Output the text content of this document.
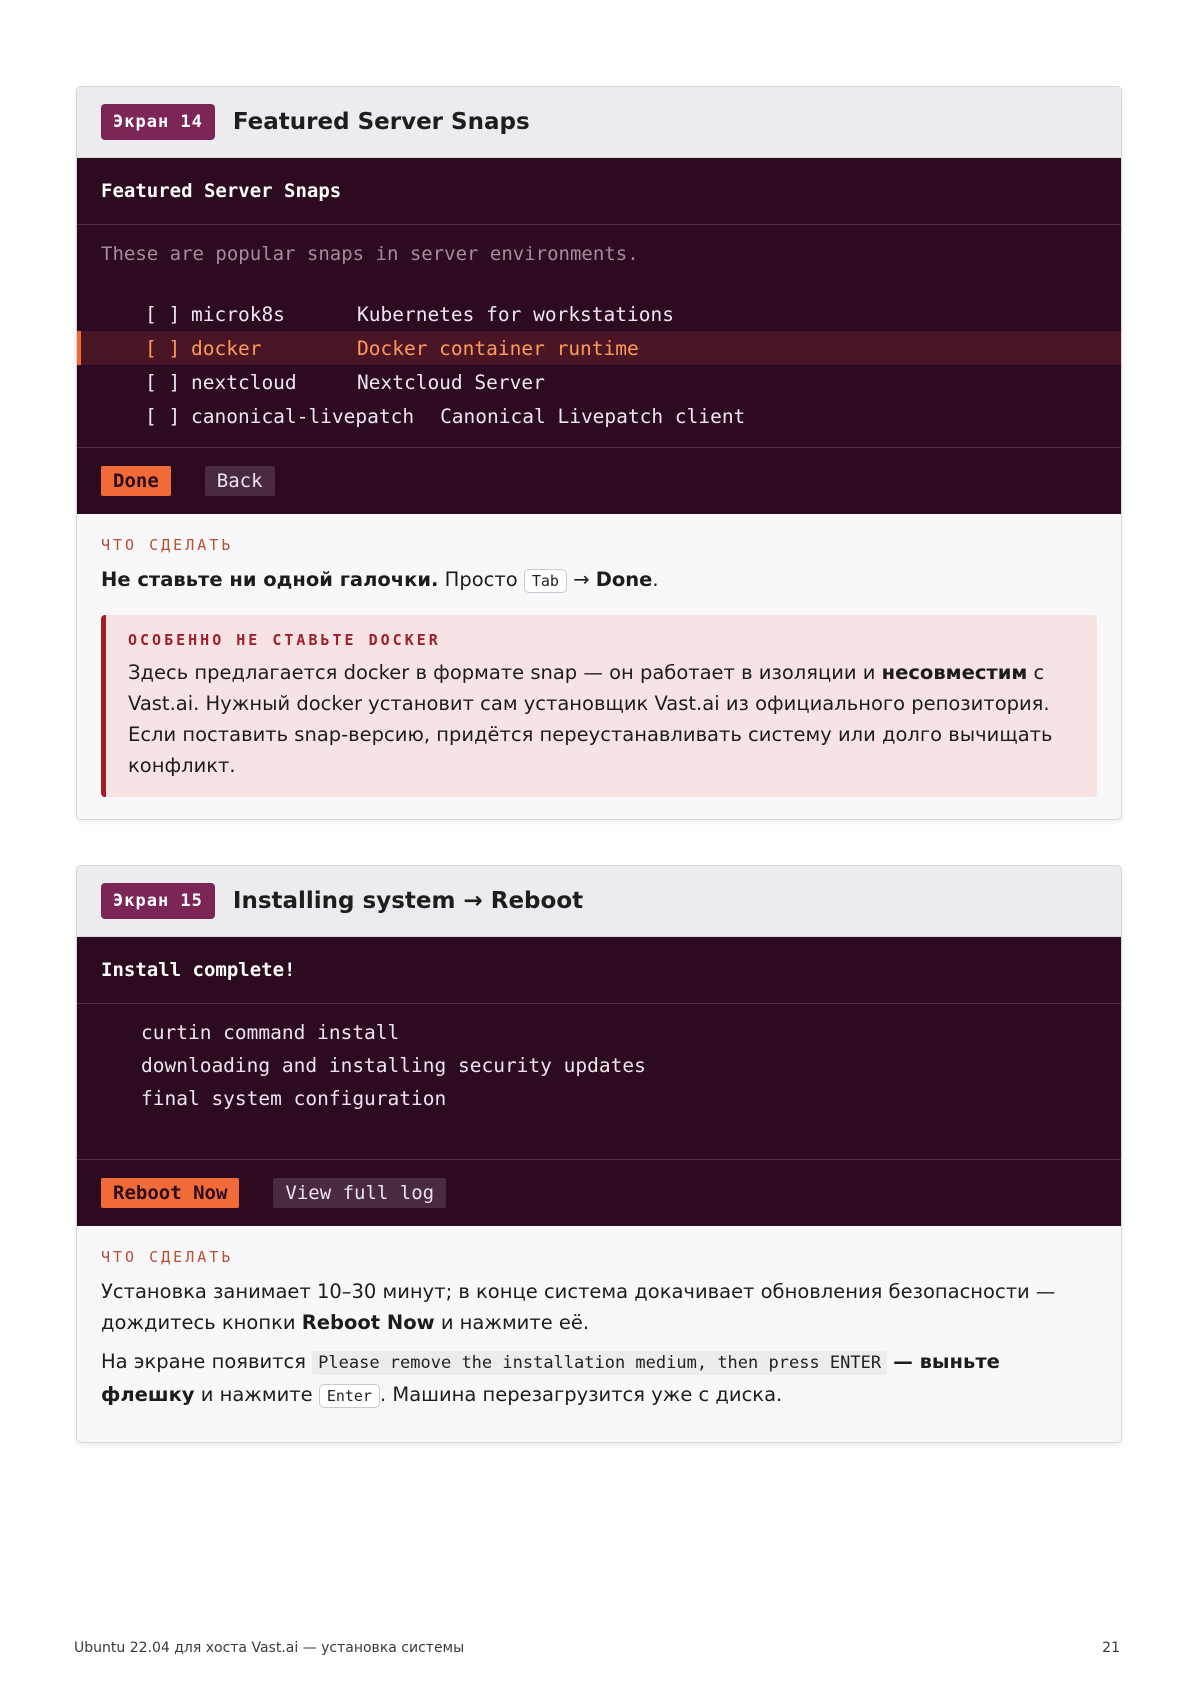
Экран 14	Featured Server Snaps
Featured Server Snaps
These are popular snaps in server environments.
[ ] microk8s	Kubernetes for workstations
[ ] docker	Docker container runtime
[ ] nextcloud	Nextcloud Server
[ ] canonical-livepatch	Canonical Livepatch client
Done	Back
ЧТО СДЕЛАТЬ

Не ставьте ни одной галочки. Просто Tab → Done.

ОСОБЕННО НЕ СТАВЬТЕ DOCKER

Здесь предлагается docker в формате snap — он работает в изоляции и несовместим с Vast.ai. Нужный docker установит сам установщик Vast.ai из официального репозитория. Если поставить snap-версию, придётся переустанавливать систему или долго вычищать конфликт.

Экран 15	Installing system → Reboot
Install complete!
curtin command install
downloading and installing security updates
final system configuration
Reboot Now	View full log
ЧТО СДЕЛАТЬ

Установка занимает 10–30 минут; в конце система докачивает обновления безопасности — дождитесь кнопки Reboot Now и нажмите её.

На экране появится Please remove the installation medium, then press ENTER — выньте флешку и нажмите Enter . Машина перезагрузится уже с диска.

Ubuntu 22.04 для хоста Vast.ai — установка системы	21
